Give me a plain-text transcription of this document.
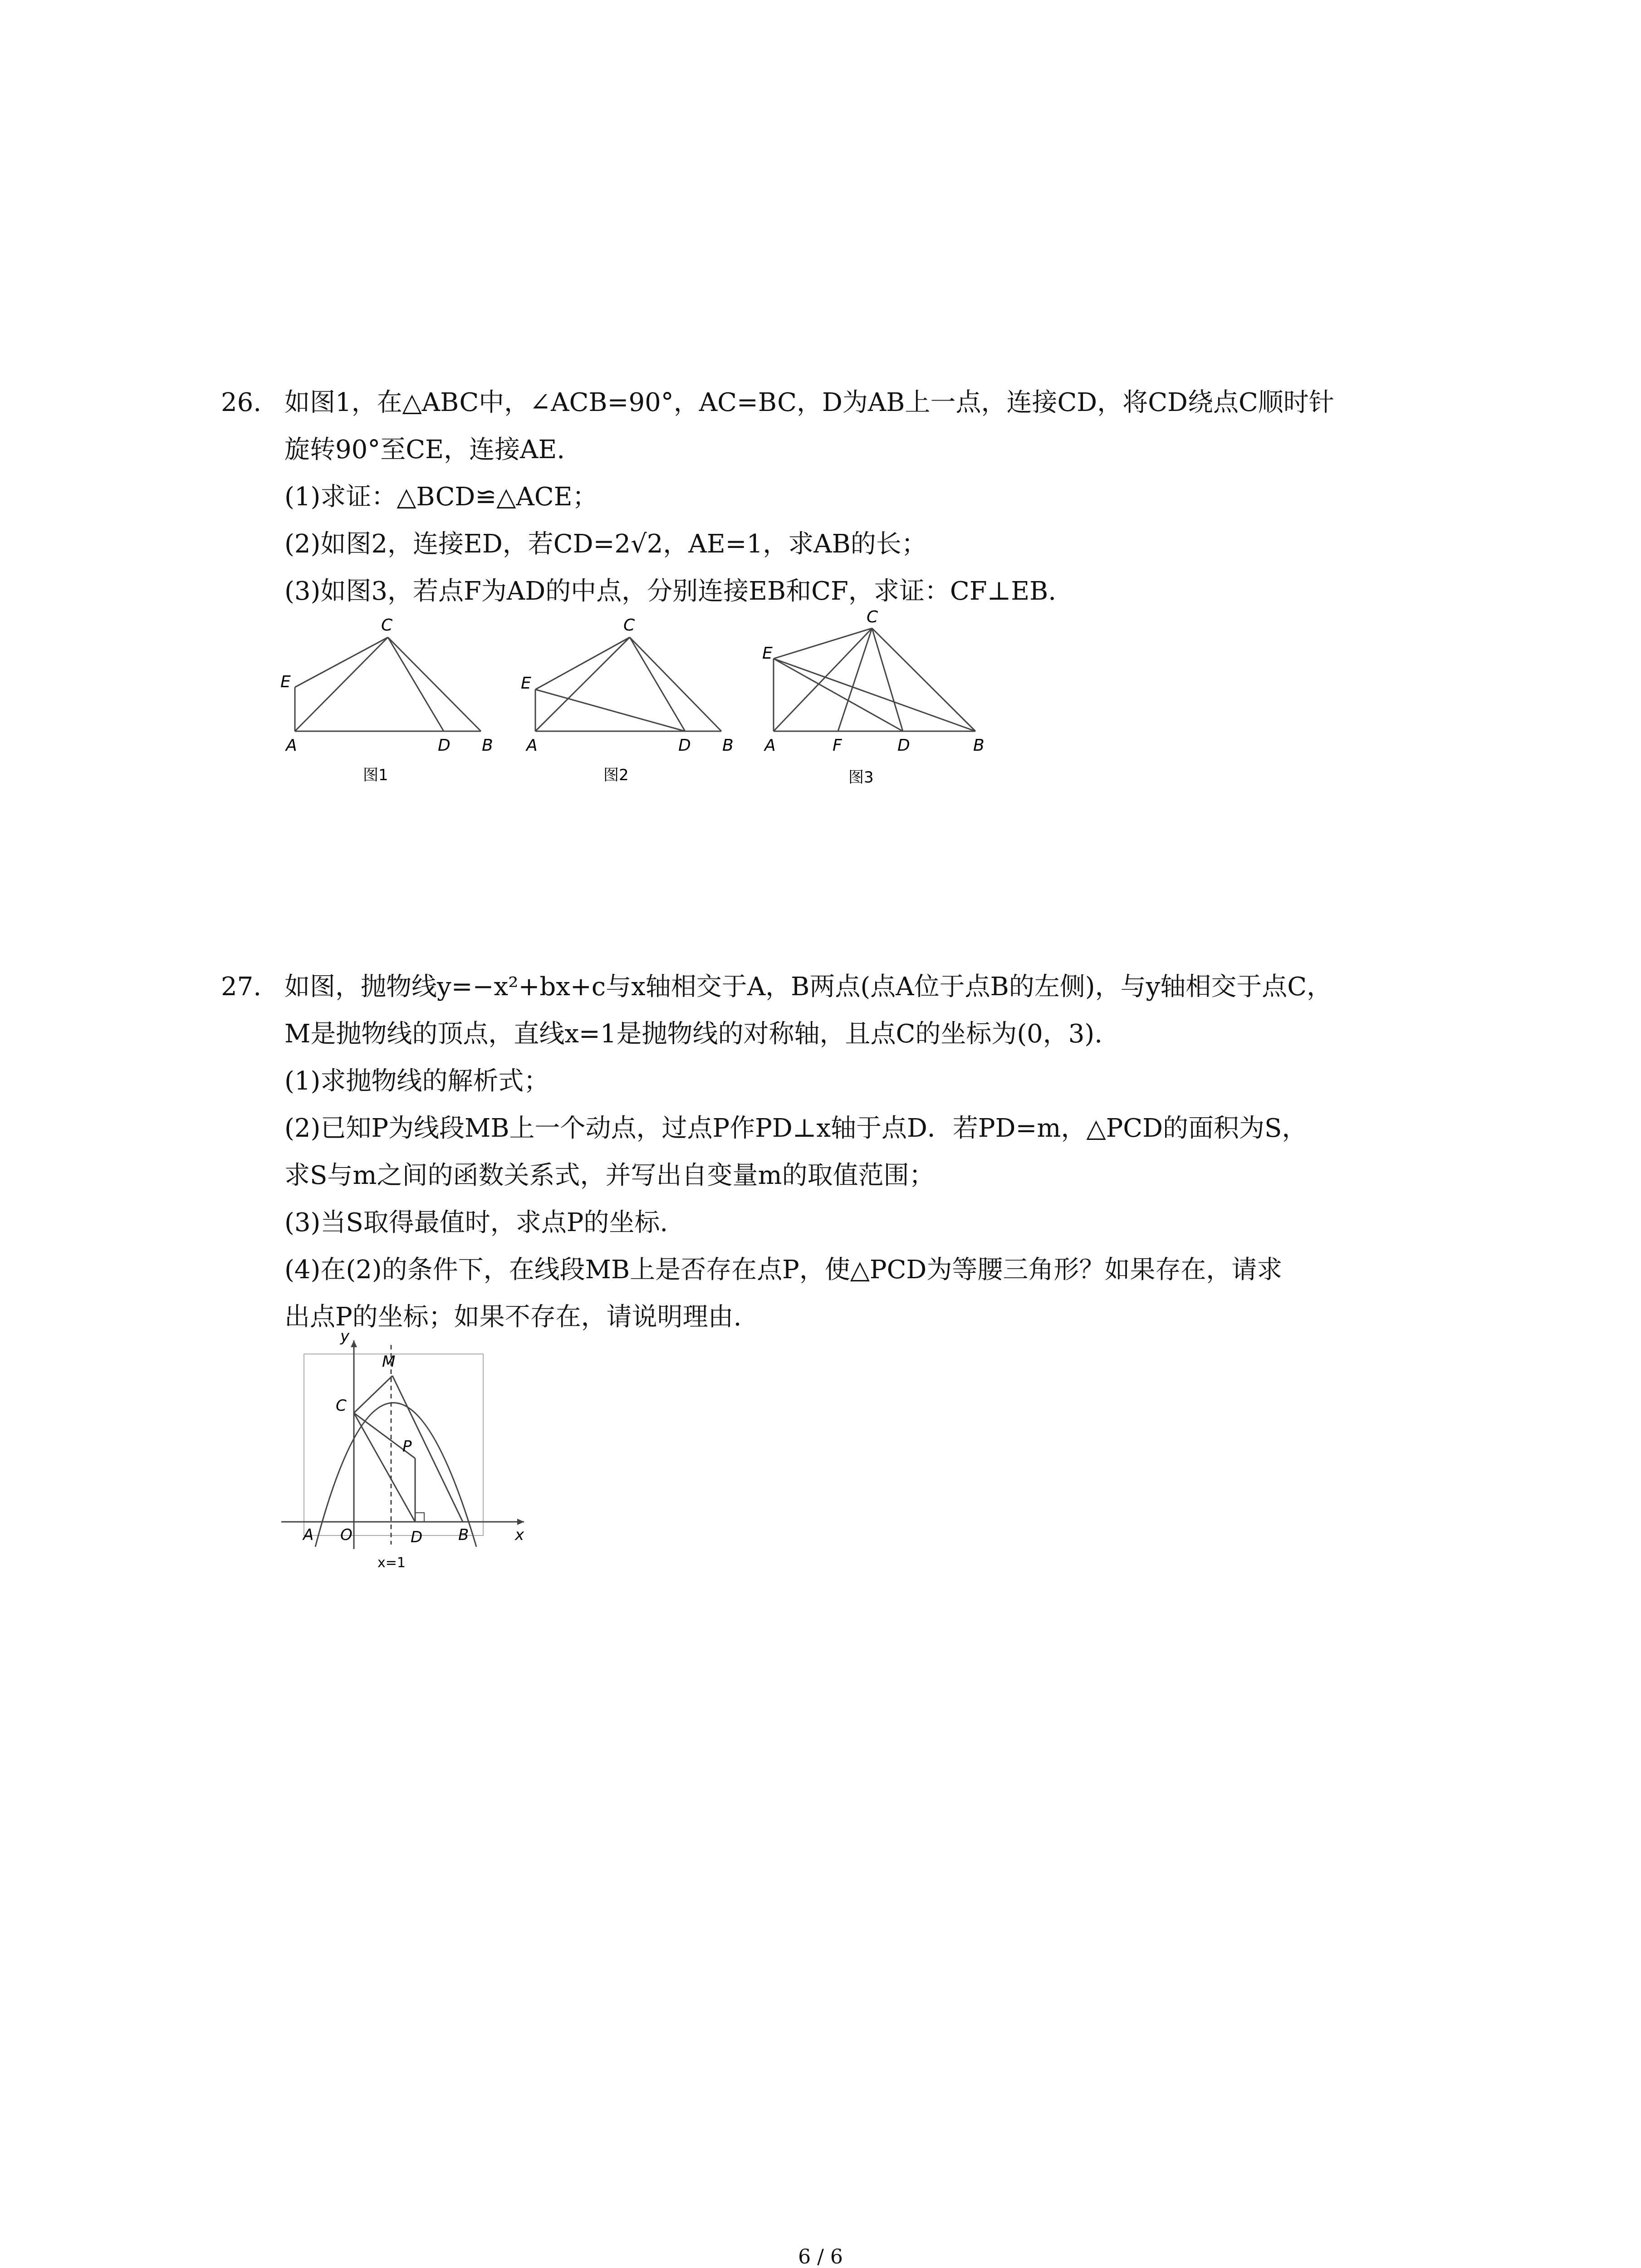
26. 如图1，在△ABC中，∠ACB=90°，AC=BC，D为AB上一点，连接CD，将CD绕点C顺时针
旋转90°至CE，连接AE.
(1)求证：△BCD≌△ACE；
(2)如图2，连接ED，若CD=2√2，AE=1，求AB的长；
(3)如图3，若点F为AD的中点，分别连接EB和CF，求证：CF⊥EB.
C
E
A	D B
图1
C
E
A	D B
图2
C
E
A	F	D	B
图3
27. 如图，抛物线y=−x²+bx+c与x轴相交于A，B两点(点A位于点B的左侧)，与y轴相交于点C，
M是抛物线的顶点，直线x=1是抛物线的对称轴，且点C的坐标为(0，3).
(1)求抛物线的解析式；
(2)已知P为线段MB上一个动点，过点P作PD⊥x轴于点D．若PD=m，△PCD的面积为S，
求S与m之间的函数关系式，并写出自变量m的取值范围；
(3)当S取得最值时，求点P的坐标.
(4)在(2)的条件下，在线段MB上是否存在点P，使△PCD为等腰三角形？如果存在，请求
出点P的坐标；如果不存在，请说明理由.
y
M
C
P
A O	D B	x
x=1
6 / 6
